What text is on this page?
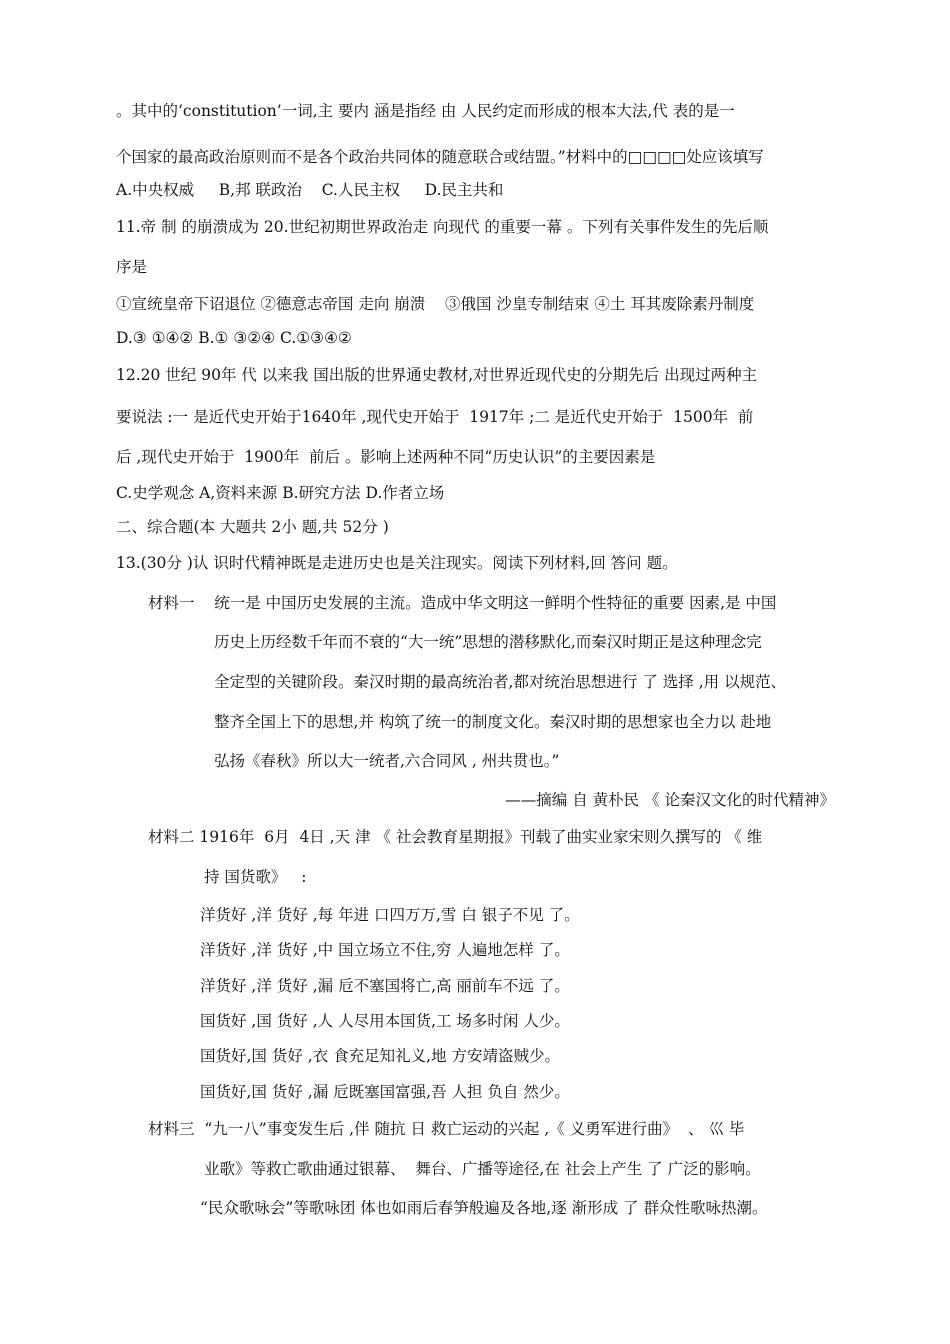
。其中的‘constitution’一词,主 要内 涵是指经 由 人民约定而形成的根本大法,代 表的是一
个国家的最高政治原则而不是各个政治共同体的随意联合或结盟。”材料中的□□□□处应该填写
A.中央权威     B,邦 联政治    C.人民主权     D.民主共和
11.帝 制 的崩溃成为 20.世纪初期世界政治走 向现代 的重要一幕 。下列有关事件发生的先后顺
序是
①宣统皇帝下诏退位 ②德意志帝国 走向 崩溃    ③俄国 沙皇专制结束 ④土 耳其废除素丹制度
D.③ ①④② B.① ③②④ C.①③④②
12.20 世纪 90年 代 以来我 国出版的世界通史教材,对世界近现代史的分期先后 出现过两种主
要说法 :一 是近代史开始于1640年 ,现代史开始于  1917年 ;二 是近代史开始于  1500年  前
后 ,现代史开始于  1900年  前后 。影响上述两种不同“历史认识”的主要因素是
C.史学观念 A,资料来源 B.研究方法 D.作者立场
二、综合题(本 大题共 2小 题,共 52分 )
13.(30分 )认 识时代精神既是走进历史也是关注现实。阅读下列材料,回 答问 题。
材料一    统一是 中国历史发展的主流。造成中华文明这一鲜明个性特征的重要 因素,是 中国
历史上历经数千年而不衰的“大一统”思想的潜移默化,而秦汉时期正是这种理念完
全定型的关键阶段。秦汉时期的最高统治者,都对统治思想进行 了 选择 ,用 以规范、
整齐全国上下的思想,并 构筑了统一的制度文化。秦汉时期的思想家也全力以 赴地
弘扬《春秋》所以大一统者,六合同风 , 州共贯也。”
——摘编 自 黄朴民 《 论秦汉文化的时代精神》
材料二 1916年  6月  4日 ,天 津 《 社会教育星期报》刊载了曲实业家宋则久撰写的 《 维
持 国货歌》   :
洋货好 ,洋 货好 ,每 年进 口四万万,雪 白 银子不见 了。
洋货好 ,洋 货好 ,中 国立场立不住,穷 人遍地怎样 了。
洋货好 ,洋 货好 ,漏 卮不塞国将亡,高 丽前车不远 了。
国货好 ,国 货好 ,人 人尽用本国货,工 场多时闲 人少。
国货好,国 货好 ,衣 食充足知礼义,地 方安靖盗贼少。
国货好,国 货好 ,漏 卮既塞国富强,吾 人担 负自 然少。
材料三  “九一八”事变发生后 ,伴 随抗 日 救亡运动的兴起 ,《 义勇军进行曲》  、 巛 毕
业歌》等救亡歌曲通过银幕、  舞台、广播等途径,在 社会上产生 了 广泛的影响。
“民众歌咏会”等歌咏团 体也如雨后春笋般遍及各地,逐 渐形成 了 群众性歌咏热潮。
